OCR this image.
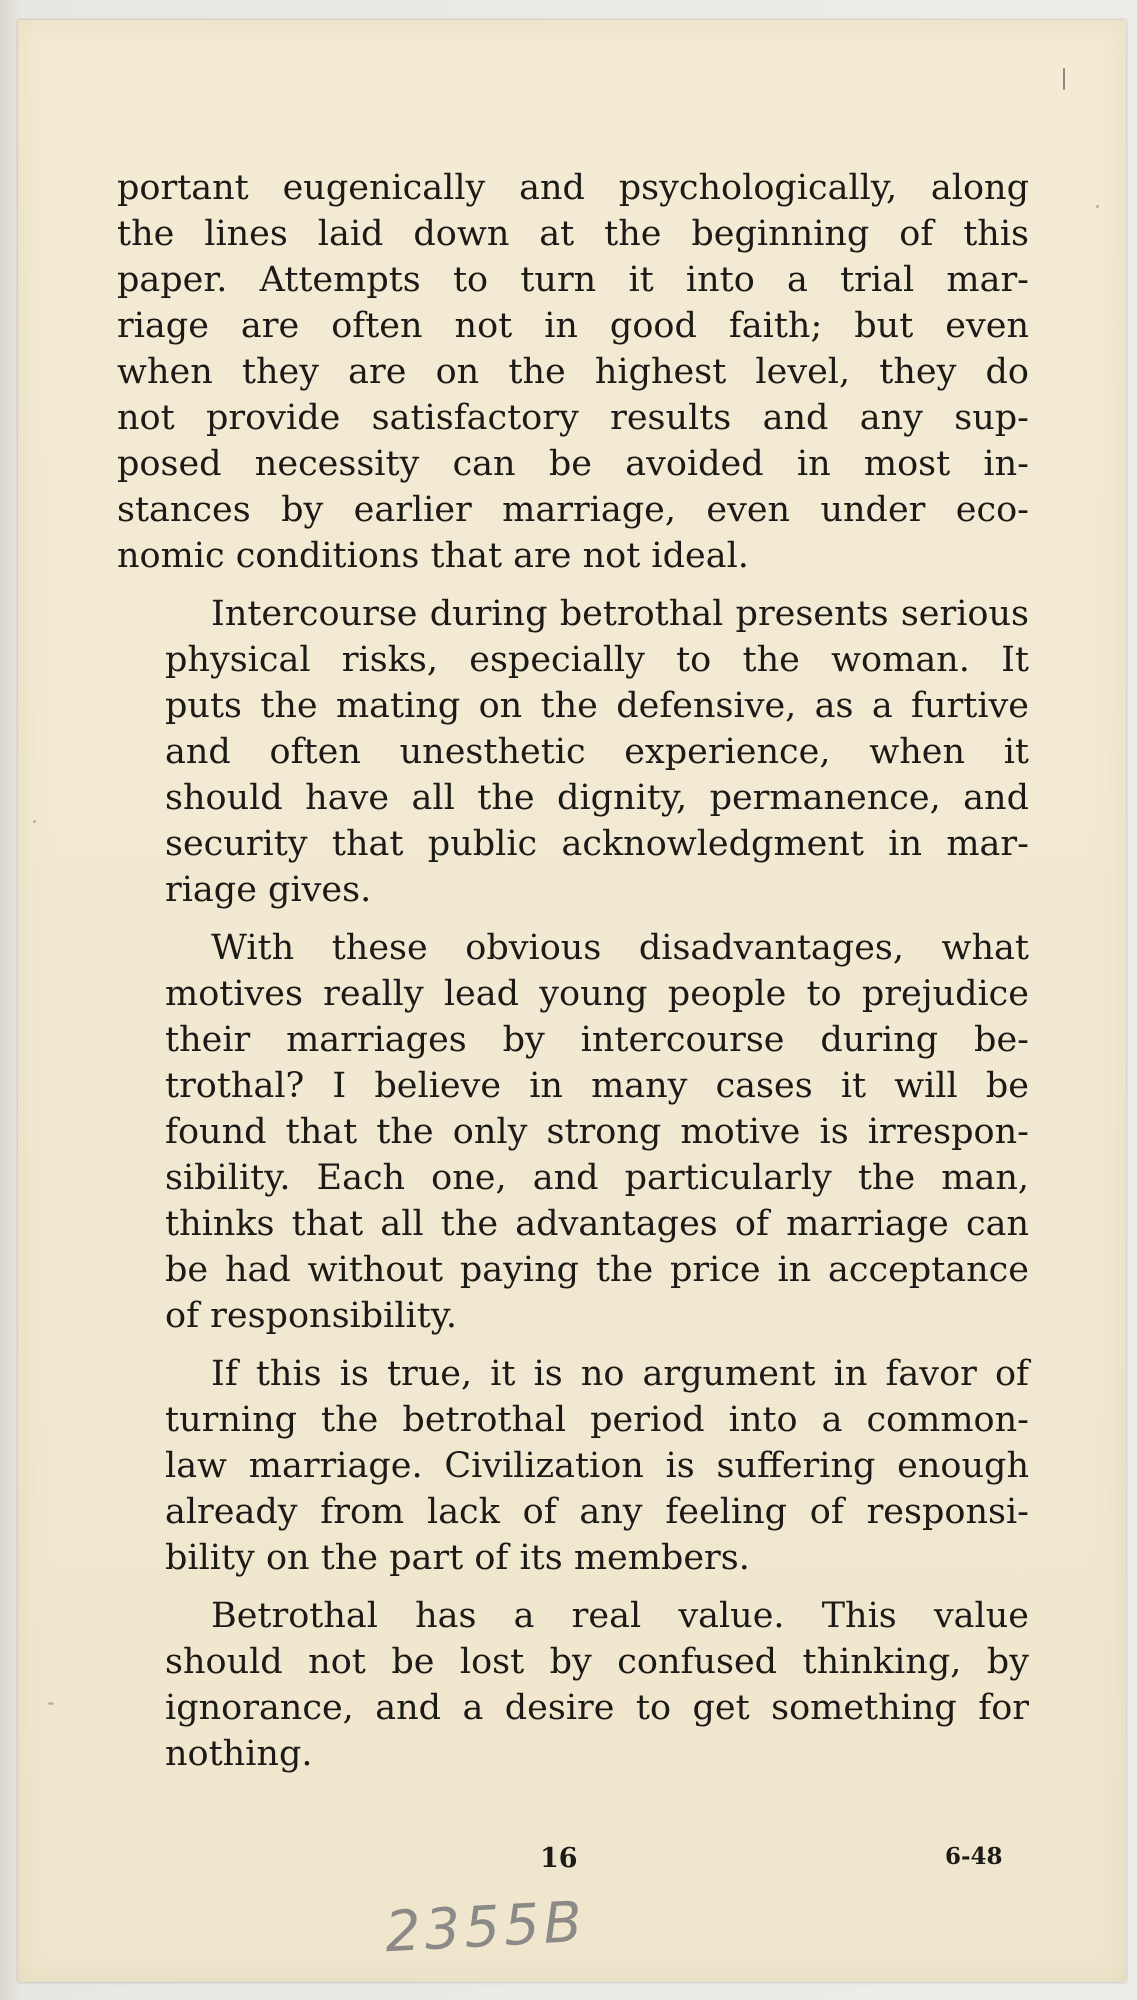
portant eugenically and psychologically, along
the lines laid down at the beginning of this
paper. Attempts to turn it into a trial mar-
riage are often not in good faith; but even
when they are on the highest level, they do
not provide satisfactory results and any sup-
posed necessity can be avoided in most in-
stances by earlier marriage, even under eco-
nomic conditions that are not ideal.
Intercourse during betrothal presents serious
physical risks, especially to the woman. It
puts the mating on the defensive, as a furtive
and often unesthetic experience, when it
should have all the dignity, permanence, and
security that public acknowledgment in mar-
riage gives.
With these obvious disadvantages, what
motives really lead young people to prejudice
their marriages by intercourse during be-
trothal? I believe in many cases it will be
found that the only strong motive is irrespon-
sibility. Each one, and particularly the man,
thinks that all the advantages of marriage can
be had without paying the price in acceptance
of responsibility.
If this is true, it is no argument in favor of
turning the betrothal period into a common-
law marriage. Civilization is suffering enough
already from lack of any feeling of responsi-
bility on the part of its members.
Betrothal has a real value. This value
should not be lost by confused thinking, by
ignorance, and a desire to get something for
nothing.
16	6-48
2355B
